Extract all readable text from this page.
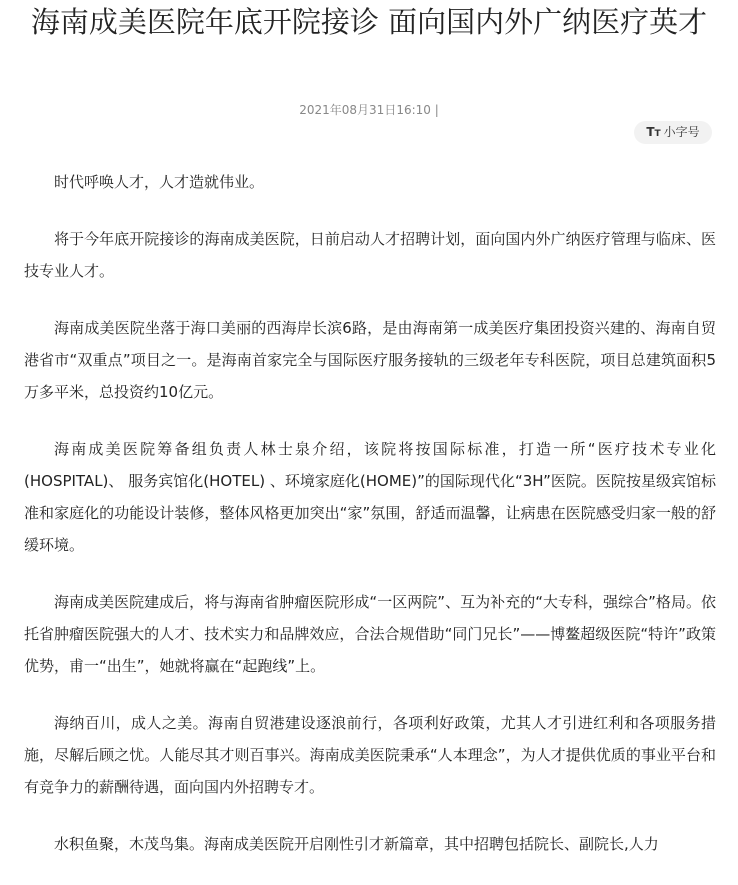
海南成美医院年底开院接诊 面向国内外广纳医疗英才
2021年08月31日16:10 |
TT 小字号

时代呼唤人才，人才造就伟业。

将于今年底开院接诊的海南成美医院，日前启动人才招聘计划，面向国内外广纳医疗管理与临床、医技专业人才。

海南成美医院坐落于海口美丽的西海岸长滨6路，是由海南第一成美医疗集团投资兴建的、海南自贸港省市“双重点”项目之一。是海南首家完全与国际医疗服务接轨的三级老年专科医院，项目总建筑面积5万多平米，总投资约10亿元。

海南成美医院筹备组负责人林士泉介绍，该院将按国际标准，打造一所“医疗技术专业化(HOSPITAL)、 服务宾馆化(HOTEL) 、环境家庭化(HOME)”的国际现代化“3H”医院。医院按星级宾馆标准和家庭化的功能设计装修，整体风格更加突出“家”氛围，舒适而温馨，让病患在医院感受归家一般的舒缓环境。

海南成美医院建成后，将与海南省肿瘤医院形成“一区两院”、互为补充的“大专科，强综合”格局。依托省肿瘤医院强大的人才、技术实力和品牌效应，合法合规借助“同门兄长”——博鳌超级医院“特许”政策优势，甫一“出生”，她就将赢在“起跑线”上。

海纳百川，成人之美。海南自贸港建设逐浪前行，各项利好政策，尤其人才引进红利和各项服务措施，尽解后顾之忧。人能尽其才则百事兴。海南成美医院秉承“人本理念”，为人才提供优质的事业平台和有竞争力的薪酬待遇，面向国内外招聘专才。

水积鱼聚，木茂鸟集。海南成美医院开启刚性引才新篇章，其中招聘包括院长、副院长,人力
